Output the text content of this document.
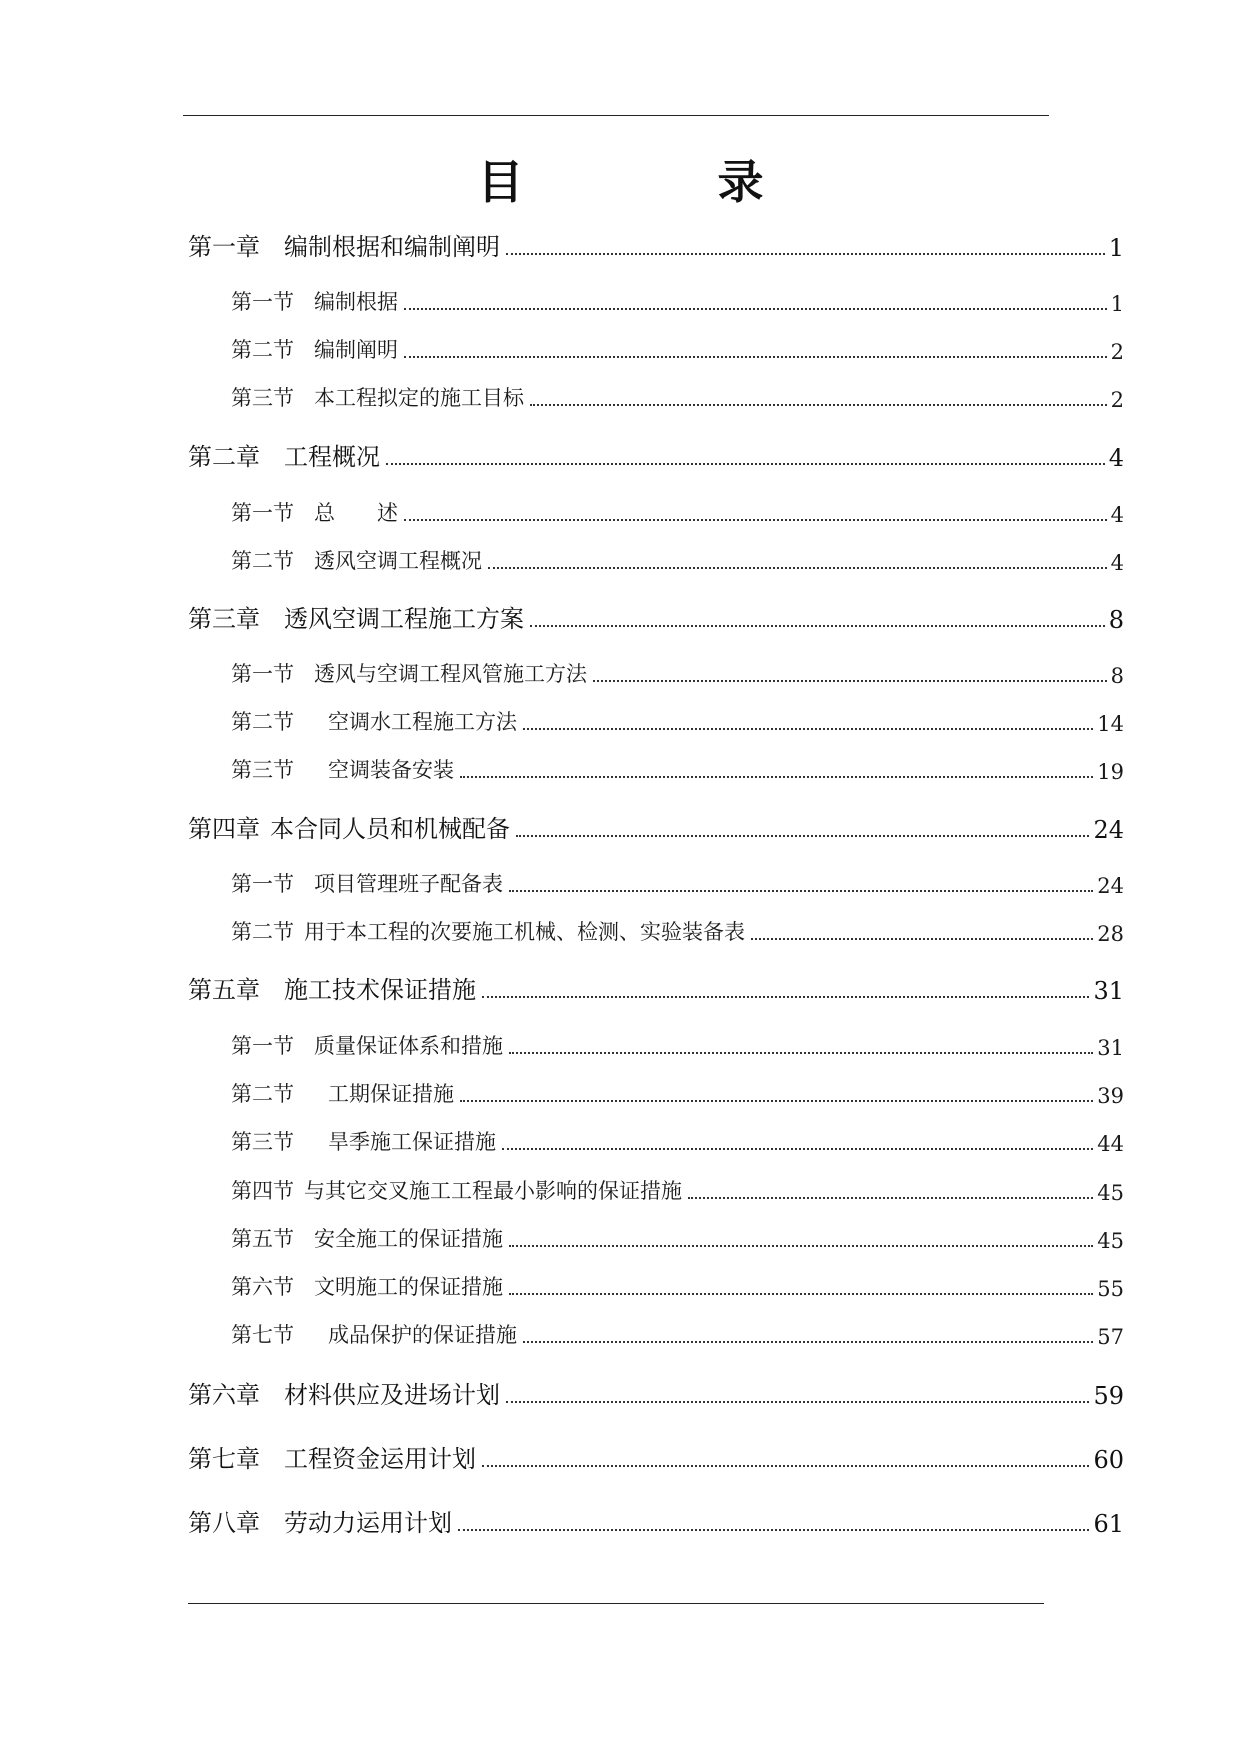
目　录
第一章 编制根据和编制阐明	1
第一节 编制根据	1
第二节 编制阐明	2
第三节 本工程拟定的施工目标	2
第二章 工程概况	4
第一节 总　　述	4
第二节 透风空调工程概况	4
第三章 透风空调工程施工方案	8
第一节 透风与空调工程风管施工方法	8
第二节 空调水工程施工方法	14
第三节 空调装备安装	19
第四章 本合同人员和机械配备	24
第一节 项目管理班子配备表	24
第二节 用于本工程的次要施工机械、检测、实验装备表	28
第五章 施工技术保证措施	31
第一节 质量保证体系和措施	31
第二节 工期保证措施	39
第三节 旱季施工保证措施	44
第四节 与其它交叉施工工程最小影响的保证措施	45
第五节 安全施工的保证措施	45
第六节 文明施工的保证措施	55
第七节 成品保护的保证措施	57
第六章 材料供应及进场计划	59
第七章 工程资金运用计划	60
第八章 劳动力运用计划	61
